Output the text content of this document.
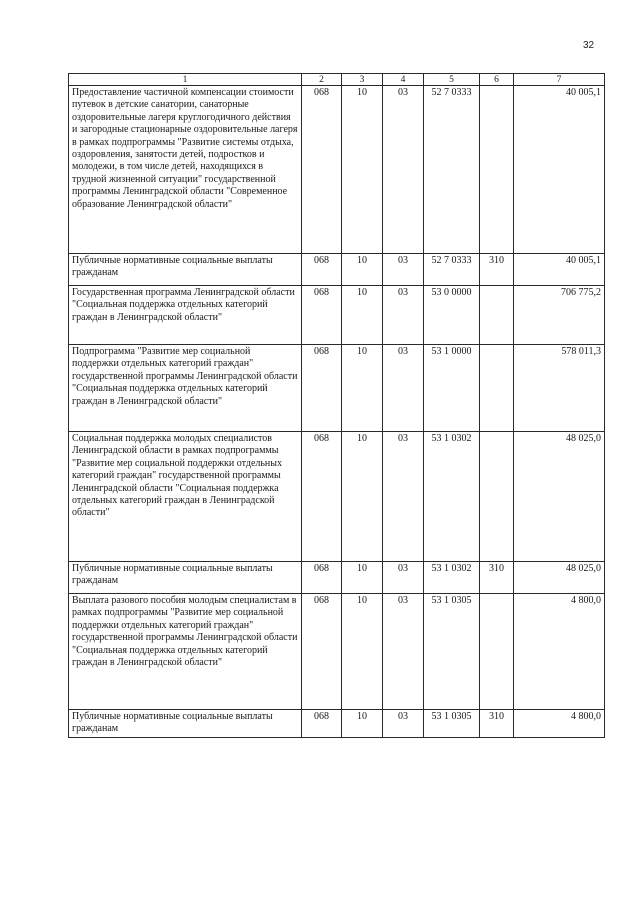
32
1	2	3	4	5	6	7
Предоставление частичной компенсации стоимости путевок в детские санатории, санаторные оздоровительные лагеря круглогодичного действия и загородные стационарные оздоровительные лагеря в рамках подпрограммы "Развитие системы отдыха, оздоровления, занятости детей, подростков и молодежи, в том числе детей, находящихся в трудной жизненной ситуации" государственной программы Ленинградской области "Современное образование Ленинградской области"	068	10	03	52 7 0333		40 005,1
Публичные нормативные социальные выплаты гражданам	068	10	03	52 7 0333	310	40 005,1
Государственная программа Ленинградской области "Социальная поддержка отдельных категорий граждан в Ленинградской области"	068	10	03	53 0 0000		706 775,2
Подпрограмма "Развитие мер социальной поддержки отдельных категорий граждан" государственной программы Ленинградской области "Социальная поддержка отдельных категорий граждан в Ленинградской области"	068	10	03	53 1 0000		578 011,3
Социальная поддержка молодых специалистов Ленинградской области в рамках подпрограммы "Развитие мер социальной поддержки отдельных категорий граждан" государственной программы Ленинградской области "Социальная поддержка отдельных категорий граждан в Ленинградской области"	068	10	03	53 1 0302		48 025,0
Публичные нормативные социальные выплаты гражданам	068	10	03	53 1 0302	310	48 025,0
Выплата разового пособия молодым специалистам в рамках подпрограммы "Развитие мер социальной поддержки отдельных категорий граждан" государственной программы Ленинградской области "Социальная поддержка отдельных категорий граждан в Ленинградской области"	068	10	03	53 1 0305		4 800,0
Публичные нормативные социальные выплаты гражданам	068	10	03	53 1 0305	310	4 800,0
